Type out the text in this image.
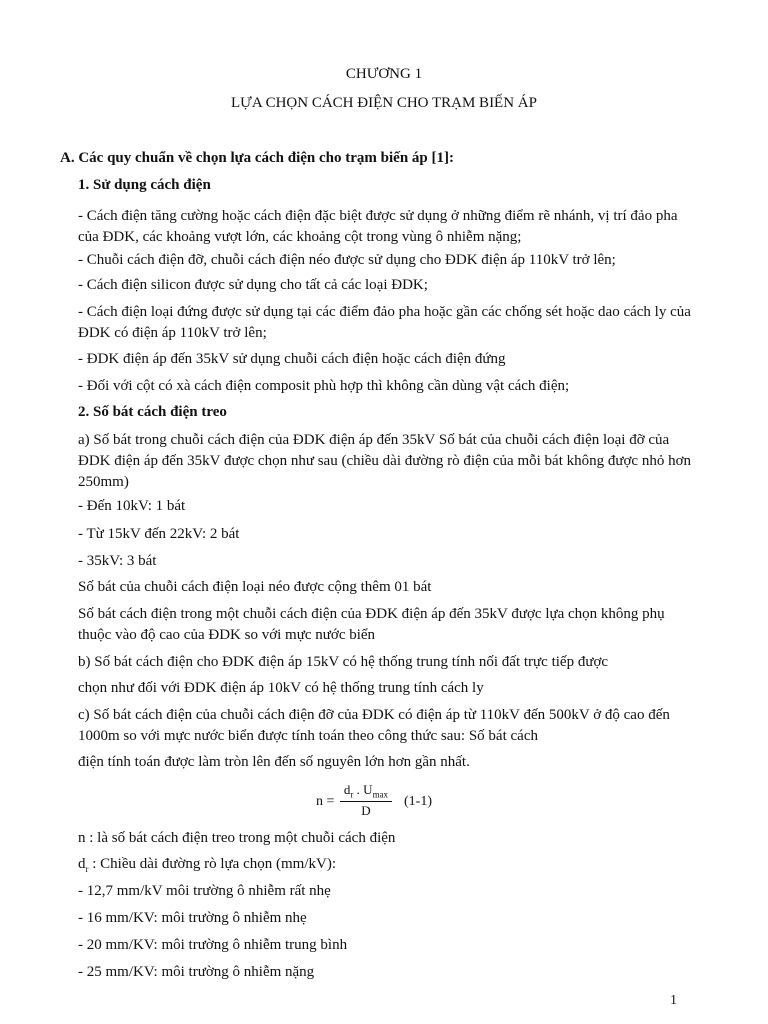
CHƯƠNG 1
LỰA CHỌN CÁCH ĐIỆN CHO TRẠM BIẾN ÁP
A. Các quy chuẩn về chọn lựa cách điện cho trạm biến áp [1]:
1. Sử dụng cách điện
- Cách điện tăng cường hoặc cách điện đặc biệt được sử dụng ở những điểm rẽ nhánh, vị trí đảo pha của ĐDK, các khoảng vượt lớn, các khoảng cột trong vùng ô nhiễm nặng;
- Chuỗi cách điện đỡ, chuỗi cách điện néo được sử dụng cho ĐDK điện áp 110kV trở lên;
- Cách điện silicon được sử dụng cho tất cả các loại ĐDK;
- Cách điện loại đứng được sử dụng tại các điểm đảo pha hoặc gần các chống sét hoặc dao cách ly của ĐDK có điện áp 110kV trở lên;
- ĐDK điện áp đến 35kV sử dụng chuỗi cách điện hoặc cách điện đứng
- Đối với cột có xà cách điện composit phù hợp thì không cần dùng vật cách điện;
2. Số bát cách điện treo
a) Số bát trong chuỗi cách điện của ĐDK điện áp đến 35kV Số bát của chuỗi cách điện loại đỡ của ĐDK điện áp đến 35kV được chọn như sau (chiều dài đường rò điện của mỗi bát không được nhỏ hơn 250mm)
- Đến 10kV: 1 bát
- Từ 15kV đến 22kV: 2 bát
- 35kV: 3 bát
Số bát của chuỗi cách điện loại néo được cộng thêm 01 bát
Số bát cách điện trong một chuỗi cách điện của ĐDK điện áp đến 35kV được lựa chọn không phụ thuộc vào độ cao của ĐDK so với mực nước biển
b) Số bát cách điện cho ĐDK điện áp 15kV có hệ thống trung tính nối đất trực tiếp được
chọn như đối với ĐDK điện áp 10kV có hệ thống trung tính cách ly
c) Số bát cách điện của chuỗi cách điện đỡ của ĐDK có điện áp từ 110kV đến 500kV ở độ cao đến 1000m so với mực nước biển được tính toán theo công thức sau: Số bát cách
điện tính toán được làm tròn lên đến số nguyên lớn hơn gần nhất.
n =
$d_r$ . $U_{max}$
D
(1-1)
n : là số bát cách điện treo trong một chuỗi cách điện
$d_r$ : Chiều dài đường rò lựa chọn (mm/kV):
- 12,7 mm/kV môi trường ô nhiễm rất nhẹ
- 16 mm/KV: môi trường ô nhiễm nhẹ
- 20 mm/KV: môi trường ô nhiễm trung bình
- 25 mm/KV: môi trường ô nhiễm nặng
1
